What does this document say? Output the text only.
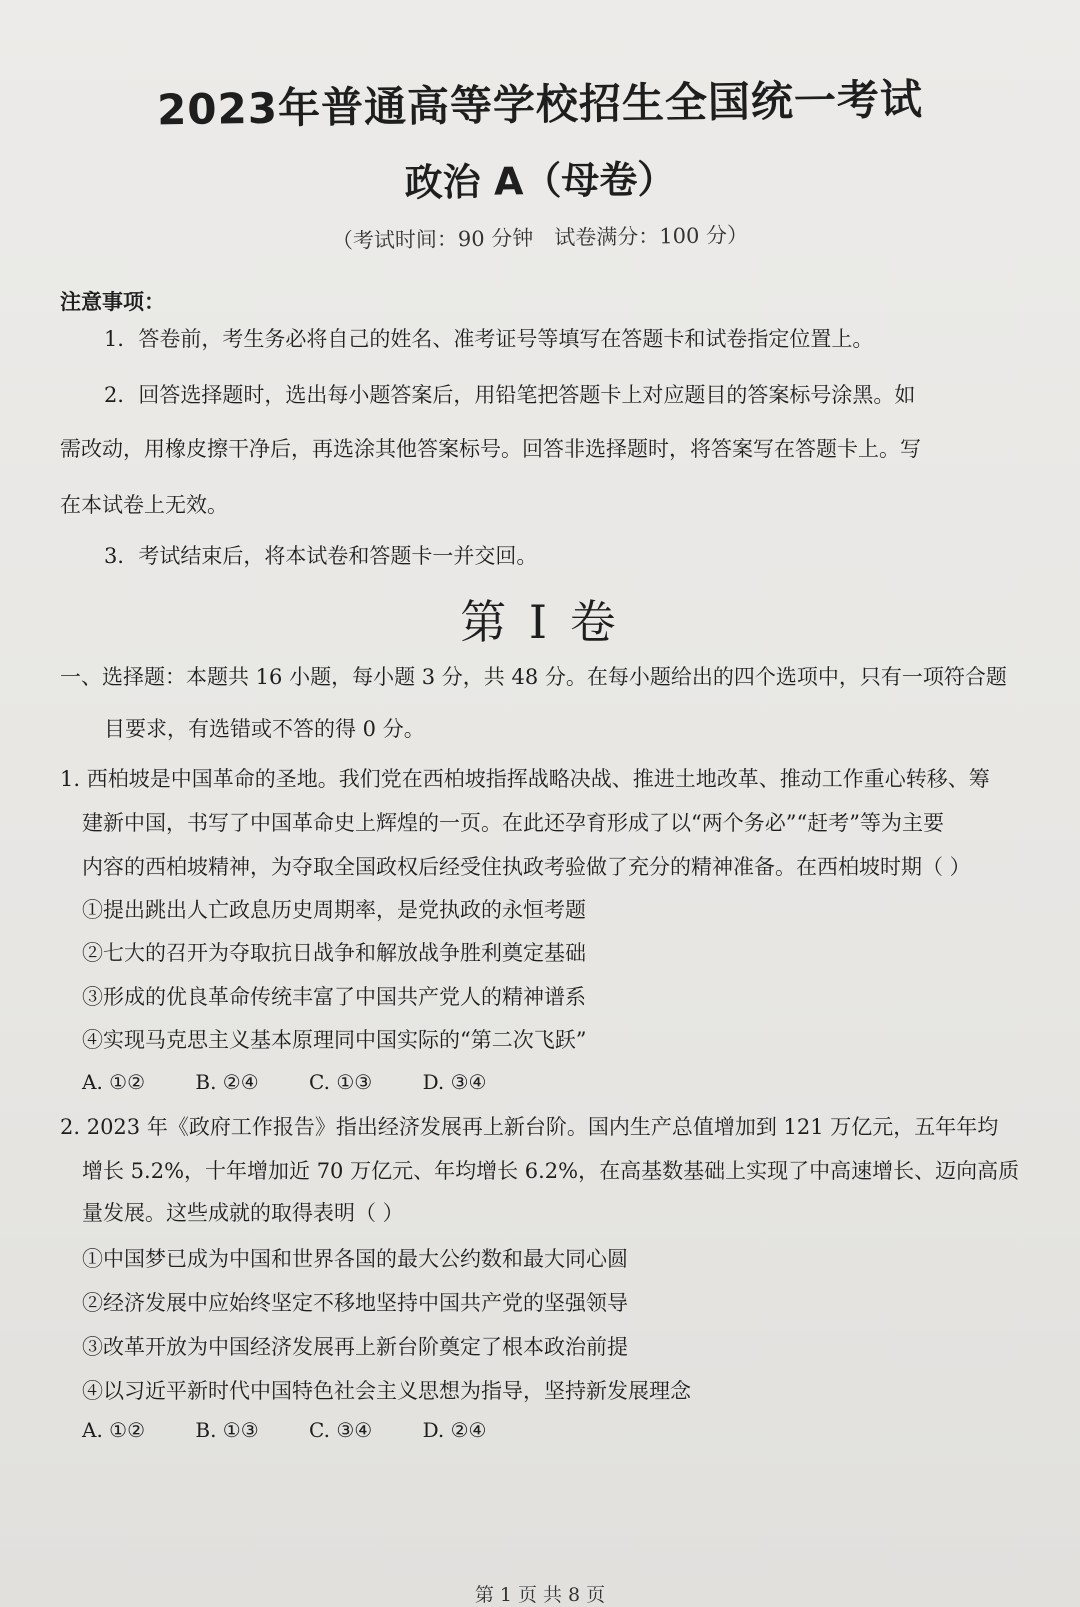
2023年普通高等学校招生全国统一考试
政治 A（母卷）
（考试时间：90 分钟　试卷满分：100 分）
注意事项：
1．答卷前，考生务必将自己的姓名、准考证号等填写在答题卡和试卷指定位置上。
2．回答选择题时，选出每小题答案后，用铅笔把答题卡上对应题目的答案标号涂黑。如
需改动，用橡皮擦干净后，再选涂其他答案标号。回答非选择题时，将答案写在答题卡上。写
在本试卷上无效。
3．考试结束后，将本试卷和答题卡一并交回。
第 I 卷
一、选择题：本题共 16 小题，每小题 3 分，共 48 分。在每小题给出的四个选项中，只有一项符合题
目要求，有选错或不答的得 0 分。
1. 西柏坡是中国革命的圣地。我们党在西柏坡指挥战略决战、推进土地改革、推动工作重心转移、筹
建新中国，书写了中国革命史上辉煌的一页。在此还孕育形成了以“两个务必”“赶考”等为主要
内容的西柏坡精神，为夺取全国政权后经受住执政考验做了充分的精神准备。在西柏坡时期（ ）
①提出跳出人亡政息历史周期率，是党执政的永恒考题
②七大的召开为夺取抗日战争和解放战争胜利奠定基础
③形成的优良革命传统丰富了中国共产党人的精神谱系
④实现马克思主义基本原理同中国实际的“第二次飞跃”
A. ①②	B. ②④	C. ①③	D. ③④
2. 2023 年《政府工作报告》指出经济发展再上新台阶。国内生产总值增加到 121 万亿元，五年年均
增长 5.2%，十年增加近 70 万亿元、年均增长 6.2%，在高基数基础上实现了中高速增长、迈向高质
量发展。这些成就的取得表明（ ）
①中国梦已成为中国和世界各国的最大公约数和最大同心圆
②经济发展中应始终坚定不移地坚持中国共产党的坚强领导
③改革开放为中国经济发展再上新台阶奠定了根本政治前提
④以习近平新时代中国特色社会主义思想为指导，坚持新发展理念
A. ①②	B. ①③	C. ③④	D. ②④
第 1 页 共 8 页
